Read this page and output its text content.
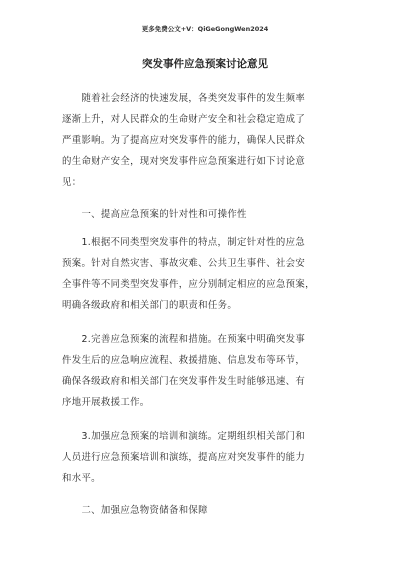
更多免费公文+V：QiGeGongWen2024
突发事件应急预案讨论意见
　　随着社会经济的快速发展，各类突发事件的发生频率
逐渐上升，对人民群众的生命财产安全和社会稳定造成了
严重影响。为了提高应对突发事件的能力，确保人民群众
的生命财产安全，现对突发事件应急预案进行如下讨论意
见：
　　一、提高应急预案的针对性和可操作性
　　1.根据不同类型突发事件的特点，制定针对性的应急
预案。针对自然灾害、事故灾难、公共卫生事件、社会安
全事件等不同类型突发事件，应分别制定相应的应急预案，
明确各级政府和相关部门的职责和任务。
　　2.完善应急预案的流程和措施。在预案中明确突发事
件发生后的应急响应流程、救援措施、信息发布等环节，
确保各级政府和相关部门在突发事件发生时能够迅速、有
序地开展救援工作。
　　3.加强应急预案的培训和演练。定期组织相关部门和
人员进行应急预案培训和演练，提高应对突发事件的能力
和水平。
　　二、加强应急物资储备和保障
